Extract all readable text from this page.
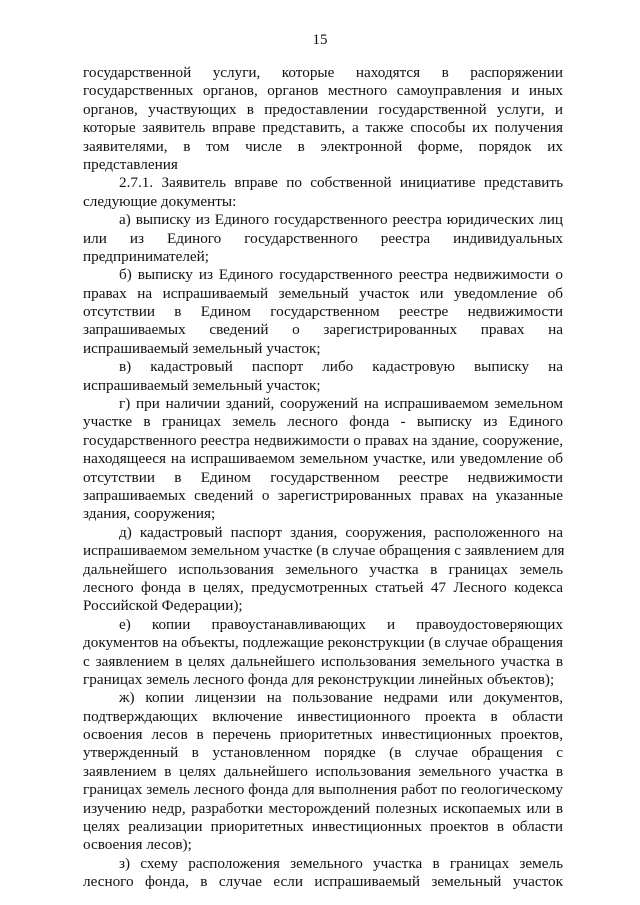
15
государственной услуги, которые находятся в распоряжении
государственных органов, органов местного самоуправления и иных
органов, участвующих в предоставлении государственной услуги, и
которые заявитель вправе представить, а также способы их получения
заявителями, в том числе в электронной форме, порядок их
представления
2.7.1. Заявитель вправе по собственной инициативе представить
следующие документы:
а) выписку из Единого государственного реестра юридических лиц
или из Единого государственного реестра индивидуальных
предпринимателей;
б) выписку из Единого государственного реестра недвижимости о
правах на испрашиваемый земельный участок или уведомление об
отсутствии в Едином государственном реестре недвижимости
запрашиваемых сведений о зарегистрированных правах на
испрашиваемый земельный участок;
в) кадастровый паспорт либо кадастровую выписку на
испрашиваемый земельный участок;
г) при наличии зданий, сооружений на испрашиваемом земельном
участке в границах земель лесного фонда - выписку из Единого
государственного реестра недвижимости о правах на здание, сооружение,
находящееся на испрашиваемом земельном участке, или уведомление об
отсутствии в Едином государственном реестре недвижимости
запрашиваемых сведений о зарегистрированных правах на указанные
здания, сооружения;
д) кадастровый паспорт здания, сооружения, расположенного на
испрашиваемом земельном участке (в случае обращения с заявлением для
дальнейшего использования земельного участка в границах земель
лесного фонда в целях, предусмотренных статьей 47 Лесного кодекса
Российской Федерации);
е) копии правоустанавливающих и правоудостоверяющих
документов на объекты, подлежащие реконструкции (в случае обращения
с заявлением в целях дальнейшего использования земельного участка в
границах земель лесного фонда для реконструкции линейных объектов);
ж) копии лицензии на пользование недрами или документов,
подтверждающих включение инвестиционного проекта в области
освоения лесов в перечень приоритетных инвестиционных проектов,
утвержденный в установленном порядке (в случае обращения с
заявлением в целях дальнейшего использования земельного участка в
границах земель лесного фонда для выполнения работ по геологическому
изучению недр, разработки месторождений полезных ископаемых или в
целях реализации приоритетных инвестиционных проектов в области
освоения лесов);
з) схему расположения земельного участка в границах земель
лесного фонда, в случае если испрашиваемый земельный участок
